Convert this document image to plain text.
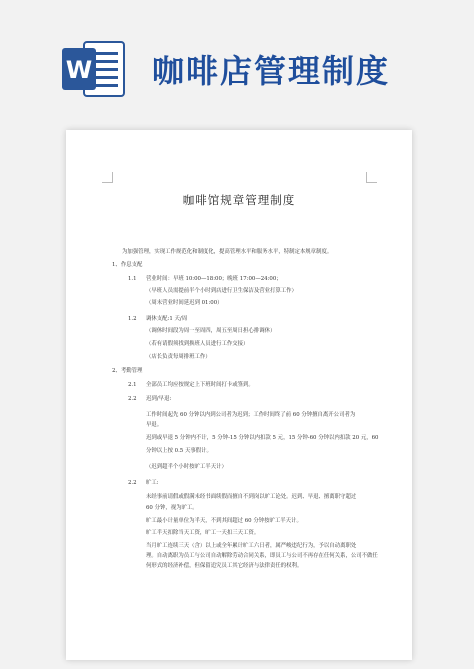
W 咖啡店管理制度
咖啡馆规章管理制度
为加强管理，实现工作规范化和制度化，提高管理水平和服务水平，特制定本规章制度。
1、作息支配
1.1 营业时间：早班 10:00—18:00；晚班 17:00—24:00；
（早班人员需提前半个小时到店进行卫生保洁及营业打算工作）
（周末营业时间延迟到 01:00）
1.2 调休支配:1 天/周
（调休时间段为周一至周四，周五至周日担心排调休）
（若有请假须找到换班人员进行工作交接）
（店长负责每周排班工作）
2、考勤管理
2.1 全部员工均应按规定上下班时间打卡或签到。
2.2 迟到/早退:
工作时间起先 60 分钟以内到公司者为迟到；工作时间终了前 60 分钟擅自离开公司者为
早退。
迟到或早退 5 分钟内不计，5 分钟-15 分钟以内扣款 5 元，15 分钟-60 分钟以内扣款 20 元，60
分钟以上按 0.5 天事假计。
（迟到超半个小时按旷工半天计）
2.2 旷工:
未经事前请假或假满未经书面续假而擅自不到岗以旷工论处。迟到、早退、擅离职守超过
60 分钟，视为旷工。
旷工最小计量单位为半天，不到其间超过 60 分钟按旷工半天计。
旷工半天扣除当天工资，旷工一天扣三天工资。
当月旷工连续三天（含）以上或全年累计旷工六日者，属严峻违纪行为，予以自动离职处
理。自动离职为员工与公司自动解除劳动合同关系，即员工与公司不再存在任何关系，公司不做任
何形式的经济补偿，但保留追究员工其它经济与法律责任的权利。
